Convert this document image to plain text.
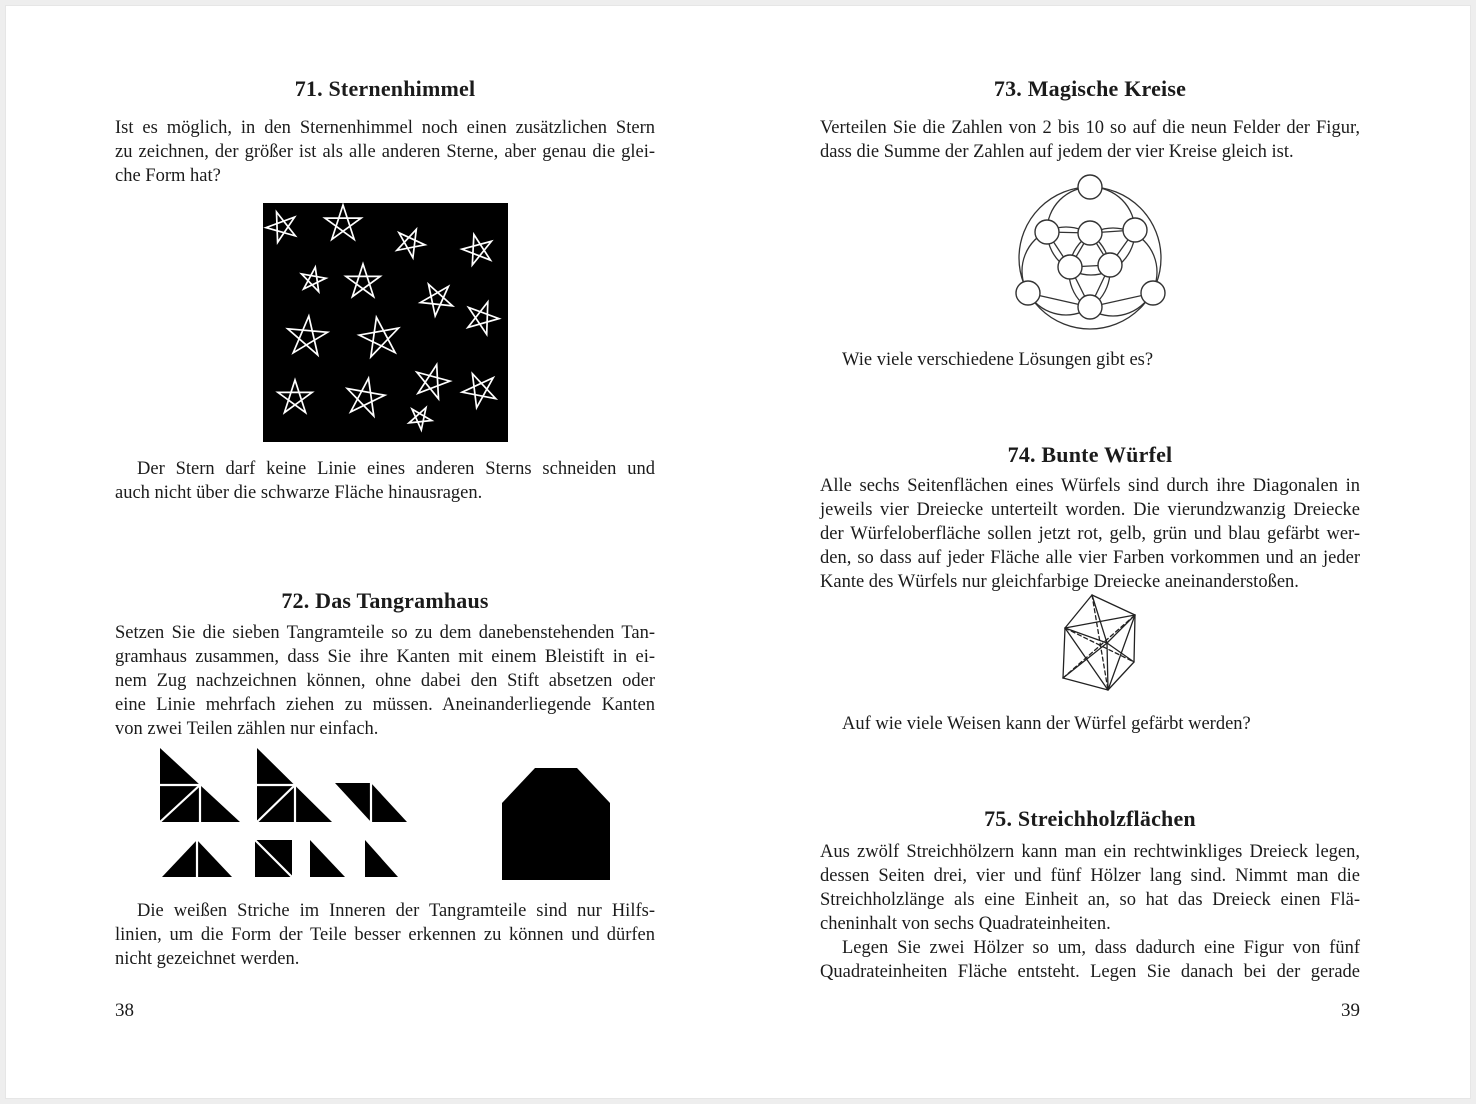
71. Sternenhimmel
Ist es möglich, in den Sternenhimmel noch einen zusätzlichen Stern
zu zeichnen, der größer ist als alle anderen Sterne, aber genau die glei-
che Form hat?
Der Stern darf keine Linie eines anderen Sterns schneiden und
auch nicht über die schwarze Fläche hinausragen.
72. Das Tangramhaus
Setzen Sie die sieben Tangramteile so zu dem danebenstehenden Tan-
gramhaus zusammen, dass Sie ihre Kanten mit einem Bleistift in ei-
nem Zug nachzeichnen können, ohne dabei den Stift absetzen oder
eine Linie mehrfach ziehen zu müssen. Aneinanderliegende Kanten
von zwei Teilen zählen nur einfach.
Die weißen Striche im Inneren der Tangramteile sind nur Hilfs-
linien, um die Form der Teile besser erkennen zu können und dürfen
nicht gezeichnet werden.
38
73. Magische Kreise
Verteilen Sie die Zahlen von 2 bis 10 so auf die neun Felder der Figur,
dass die Summe der Zahlen auf jedem der vier Kreise gleich ist.
Wie viele verschiedene Lösungen gibt es?
74. Bunte Würfel
Alle sechs Seitenflächen eines Würfels sind durch ihre Diagonalen in
jeweils vier Dreiecke unterteilt worden. Die vierundzwanzig Dreiecke
der Würfeloberfläche sollen jetzt rot, gelb, grün und blau gefärbt wer-
den, so dass auf jeder Fläche alle vier Farben vorkommen und an jeder
Kante des Würfels nur gleichfarbige Dreiecke aneinanderstoßen.
Auf wie viele Weisen kann der Würfel gefärbt werden?
75. Streichholzflächen
Aus zwölf Streichhölzern kann man ein rechtwinkliges Dreieck legen,
dessen Seiten drei, vier und fünf Hölzer lang sind. Nimmt man die
Streichholzlänge als eine Einheit an, so hat das Dreieck einen Flä-
cheninhalt von sechs Quadrateinheiten.
Legen Sie zwei Hölzer so um, dass dadurch eine Figur von fünf
Quadrateinheiten Fläche entsteht. Legen Sie danach bei der gerade
39
